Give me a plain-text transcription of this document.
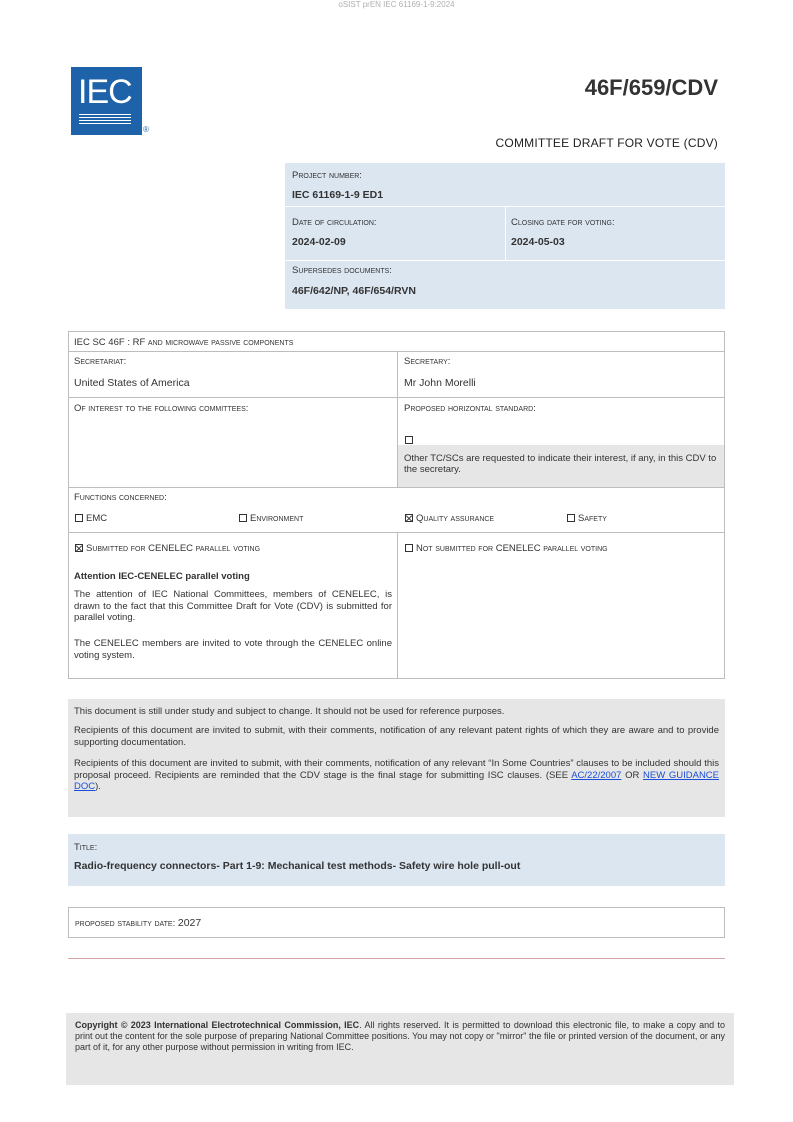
oSIST prEN IEC 61169-1-9:2024
IEC
®
46F/659/CDV
COMMITTEE DRAFT FOR VOTE (CDV)
Project number:
IEC 61169-1-9 ED1
Date of circulation:
2024-02-09
Closing date for voting:
2024-05-03
Supersedes documents:
46F/642/NP, 46F/654/RVN
IEC SC 46F : RF and microwave passive components
Secretariat:
United States of America
Secretary:
Mr John Morelli
Of interest to the following committees:	Proposed horizontal standard:
Other TC/SCs are requested to indicate their interest, if any, in this CDV to the secretary.
Functions concerned:
EMC	Environment	Quality assurance	Safety
Submitted for CENELEC parallel voting	Not submitted for CENELEC parallel voting
Attention IEC-CENELEC parallel voting
The attention of IEC National Committees, members of CENELEC, is drawn to the fact that this Committee Draft for Vote (CDV) is submitted for parallel voting.
The CENELEC members are invited to vote through the CENELEC online voting system.
This document is still under study and subject to change. It should not be used for reference purposes.
Recipients of this document are invited to submit, with their comments, notification of any relevant patent rights of which they are aware and to provide supporting documentation.
Recipients of this document are invited to submit, with their comments, notification of any relevant “In Some Countries” clauses to be included should this proposal proceed. Recipients are reminded that the CDV stage is the final stage for submitting ISC clauses. (SEE AC/22/2007 OR NEW GUIDANCE DOC).
Title:
Radio-frequency connectors- Part 1-9: Mechanical test methods- Safety wire hole pull-out
proposed stability date: 2027
Copyright © 2023 International Electrotechnical Commission, IEC. All rights reserved. It is permitted to download this electronic file, to make a copy and to print out the content for the sole purpose of preparing National Committee positions. You may not copy or "mirror" the file or printed version of the document, or any part of it, for any other purpose without permission in writing from IEC.
